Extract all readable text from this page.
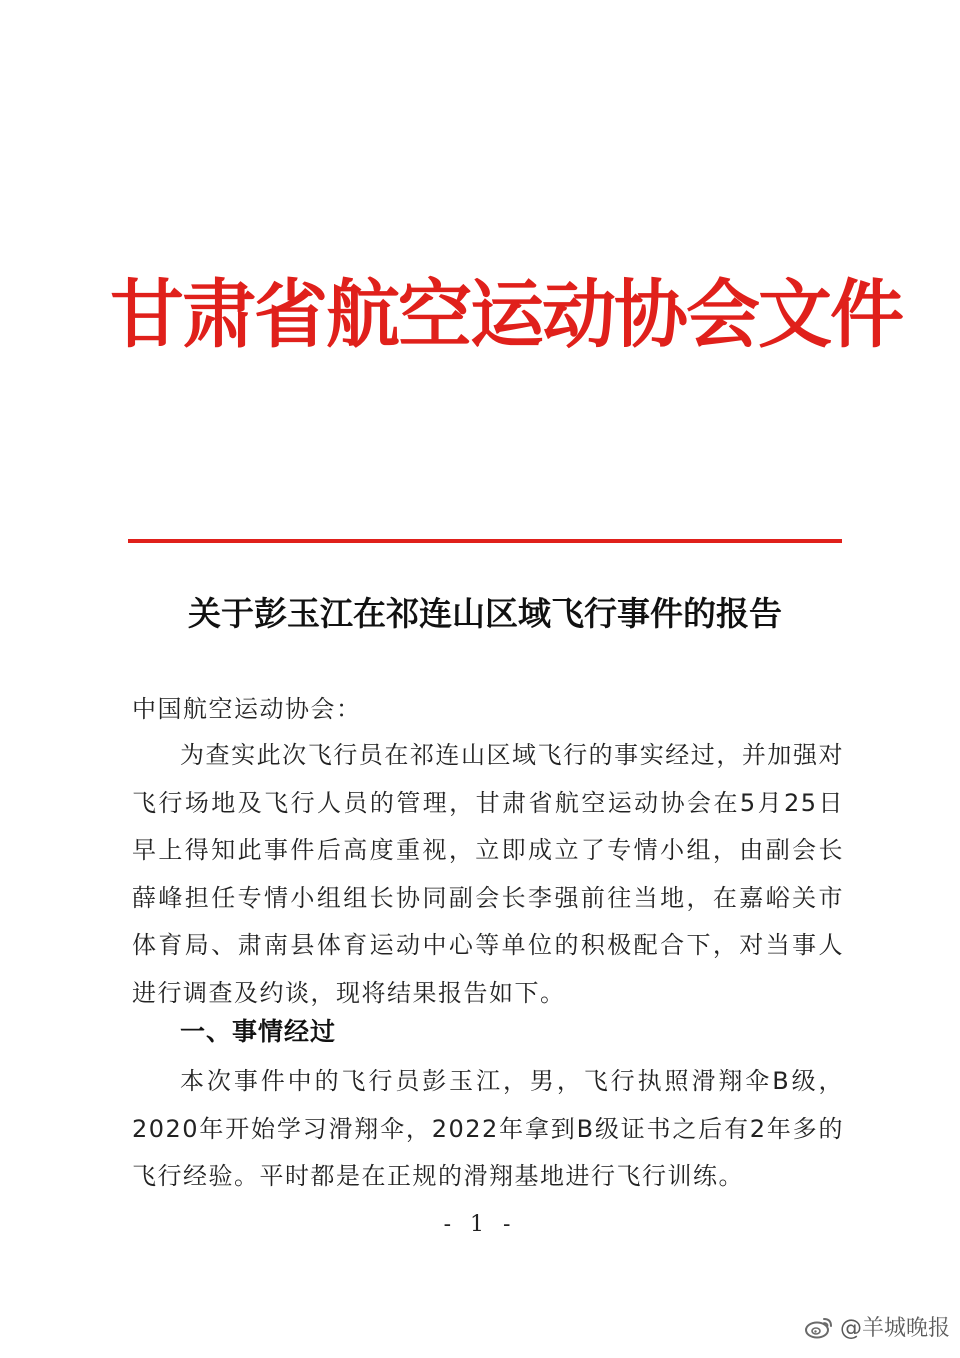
甘肃省航空运动协会文件
关于彭玉江在祁连山区域飞行事件的报告
中国航空运动协会：
为查实此次飞行员在祁连山区域飞行的事实经过，并加强对飞行场地及飞行人员的管理，甘肃省航空运动协会在5月25日早上得知此事件后高度重视，立即成立了专情小组，由副会长薛峰担任专情小组组长协同副会长李强前往当地，在嘉峪关市体育局、肃南县体育运动中心等单位的积极配合下，对当事人进行调查及约谈，现将结果报告如下。
一、事情经过
本次事件中的飞行员彭玉江，男，飞行执照滑翔伞B级，2020年开始学习滑翔伞，2022年拿到B级证书之后有2年多的飞行经验。平时都是在正规的滑翔基地进行飞行训练。
- 1 -
@羊城晚报
